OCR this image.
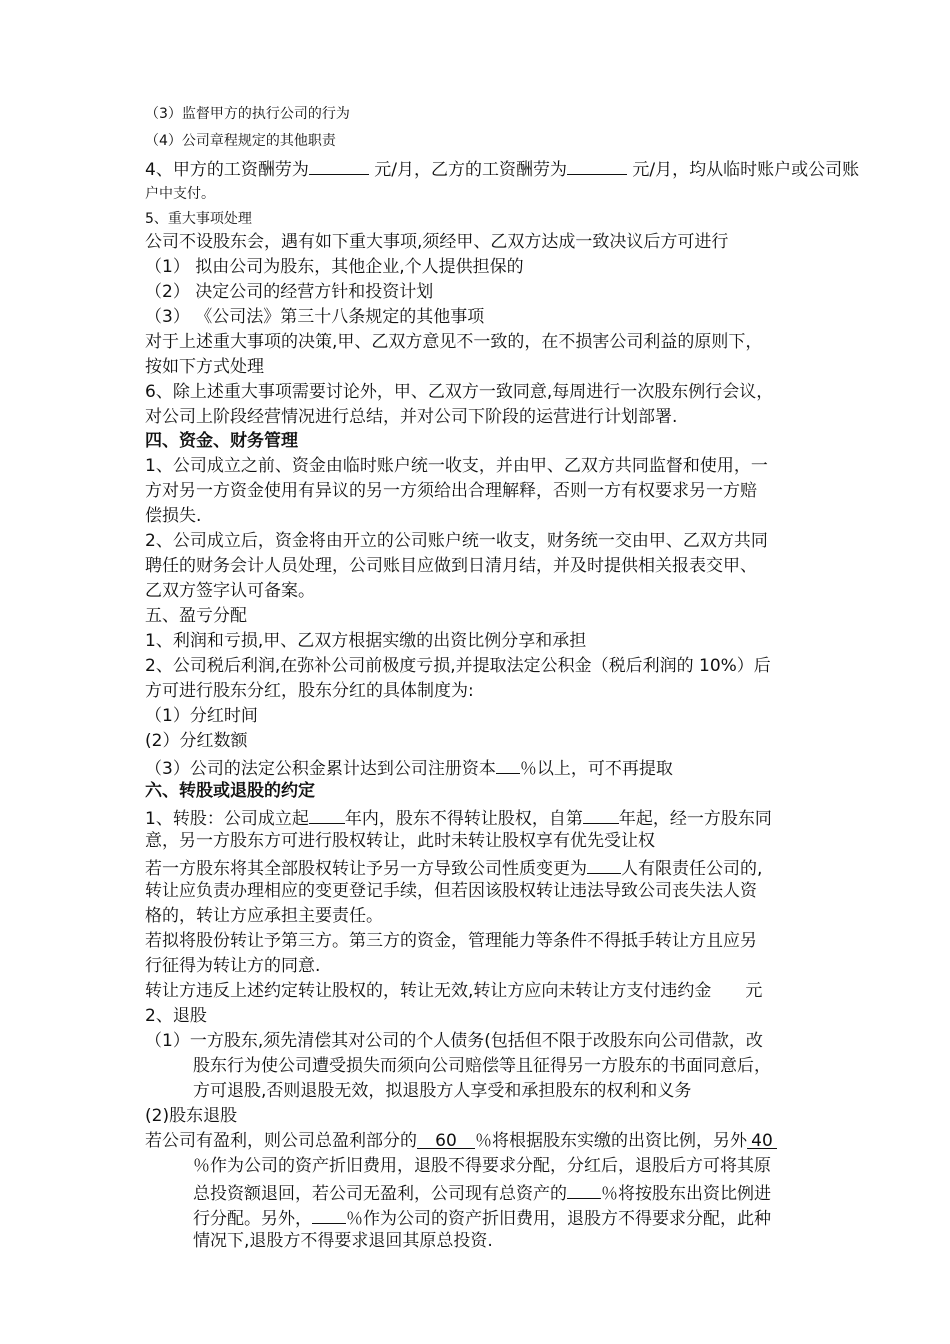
（3）监督甲方的执行公司的行为
（4）公司章程规定的其他职责
4、甲方的工资酬劳为	元/月，乙方的工资酬劳为	元/月，均从临时账户或公司账
户中支付。
5、重大事项处理
公司不设股东会，遇有如下重大事项,须经甲、乙双方达成一致决议后方可进行
（1） 拟由公司为股东，其他企业,个人提供担保的
（2） 决定公司的经营方针和投资计划
（3） 《公司法》第三十八条规定的其他事项
对于上述重大事项的决策,甲、乙双方意见不一致的，在不损害公司利益的原则下，
按如下方式处理
6、除上述重大事项需要讨论外，甲、乙双方一致同意,每周进行一次股东例行会议，
对公司上阶段经营情况进行总结，并对公司下阶段的运营进行计划部署.
四、资金、财务管理
1、公司成立之前、资金由临时账户统一收支，并由甲、乙双方共同监督和使用，一
方对另一方资金使用有异议的另一方须给出合理解释，否则一方有权要求另一方赔
偿损失.
2、公司成立后，资金将由开立的公司账户统一收支，财务统一交由甲、乙双方共同
聘任的财务会计人员处理，公司账目应做到日清月结，并及时提供相关报表交甲、
乙双方签字认可备案。
五、盈亏分配
1、利润和亏损,甲、乙双方根据实缴的出资比例分享和承担
2、公司税后利润,在弥补公司前极度亏损,并提取法定公积金（税后利润的 10%）后
方可进行股东分红，股东分红的具体制度为:
（1）分红时间
(2）分红数额
（3）公司的法定公积金累计达到公司注册资本 ％以上，可不再提取
六、转股或退股的约定
1、转股：公司成立起 年内，股东不得转让股权，自第 年起，经一方股东同
意，另一方股东方可进行股权转让，此时未转让股权享有优先受让权
若一方股东将其全部股权转让予另一方导致公司性质变更为 人有限责任公司的,
转让应负责办理相应的变更登记手续，但若因该股权转让违法导致公司丧失法人资
格的，转让方应承担主要责任。
若拟将股份转让予第三方。第三方的资金，管理能力等条件不得抵手转让方且应另
行征得为转让方的同意.
转让方违反上述约定转让股权的，转让无效,转让方应向未转让方支付违约金 元
2、退股
（1）一方股东,须先清偿其对公司的个人债务(包括但不限于改股东向公司借款，改
股东行为使公司遭受损失而须向公司赔偿等且征得另一方股东的书面同意后，
方可退股,否则退股无效，拟退股方人享受和承担股东的权利和义务
(2)股东退股
若公司有盈利，则公司总盈利部分的 60 ％将根据股东实缴的出资比例，另外 40
％作为公司的资产折旧费用，退股不得要求分配，分红后，退股后方可将其原
总投资额退回，若公司无盈利，公司现有总资产的 ％将按股东出资比例进
行分配。另外， ％作为公司的资产折旧费用，退股方不得要求分配，此种
情况下,退股方不得要求退回其原总投资.
